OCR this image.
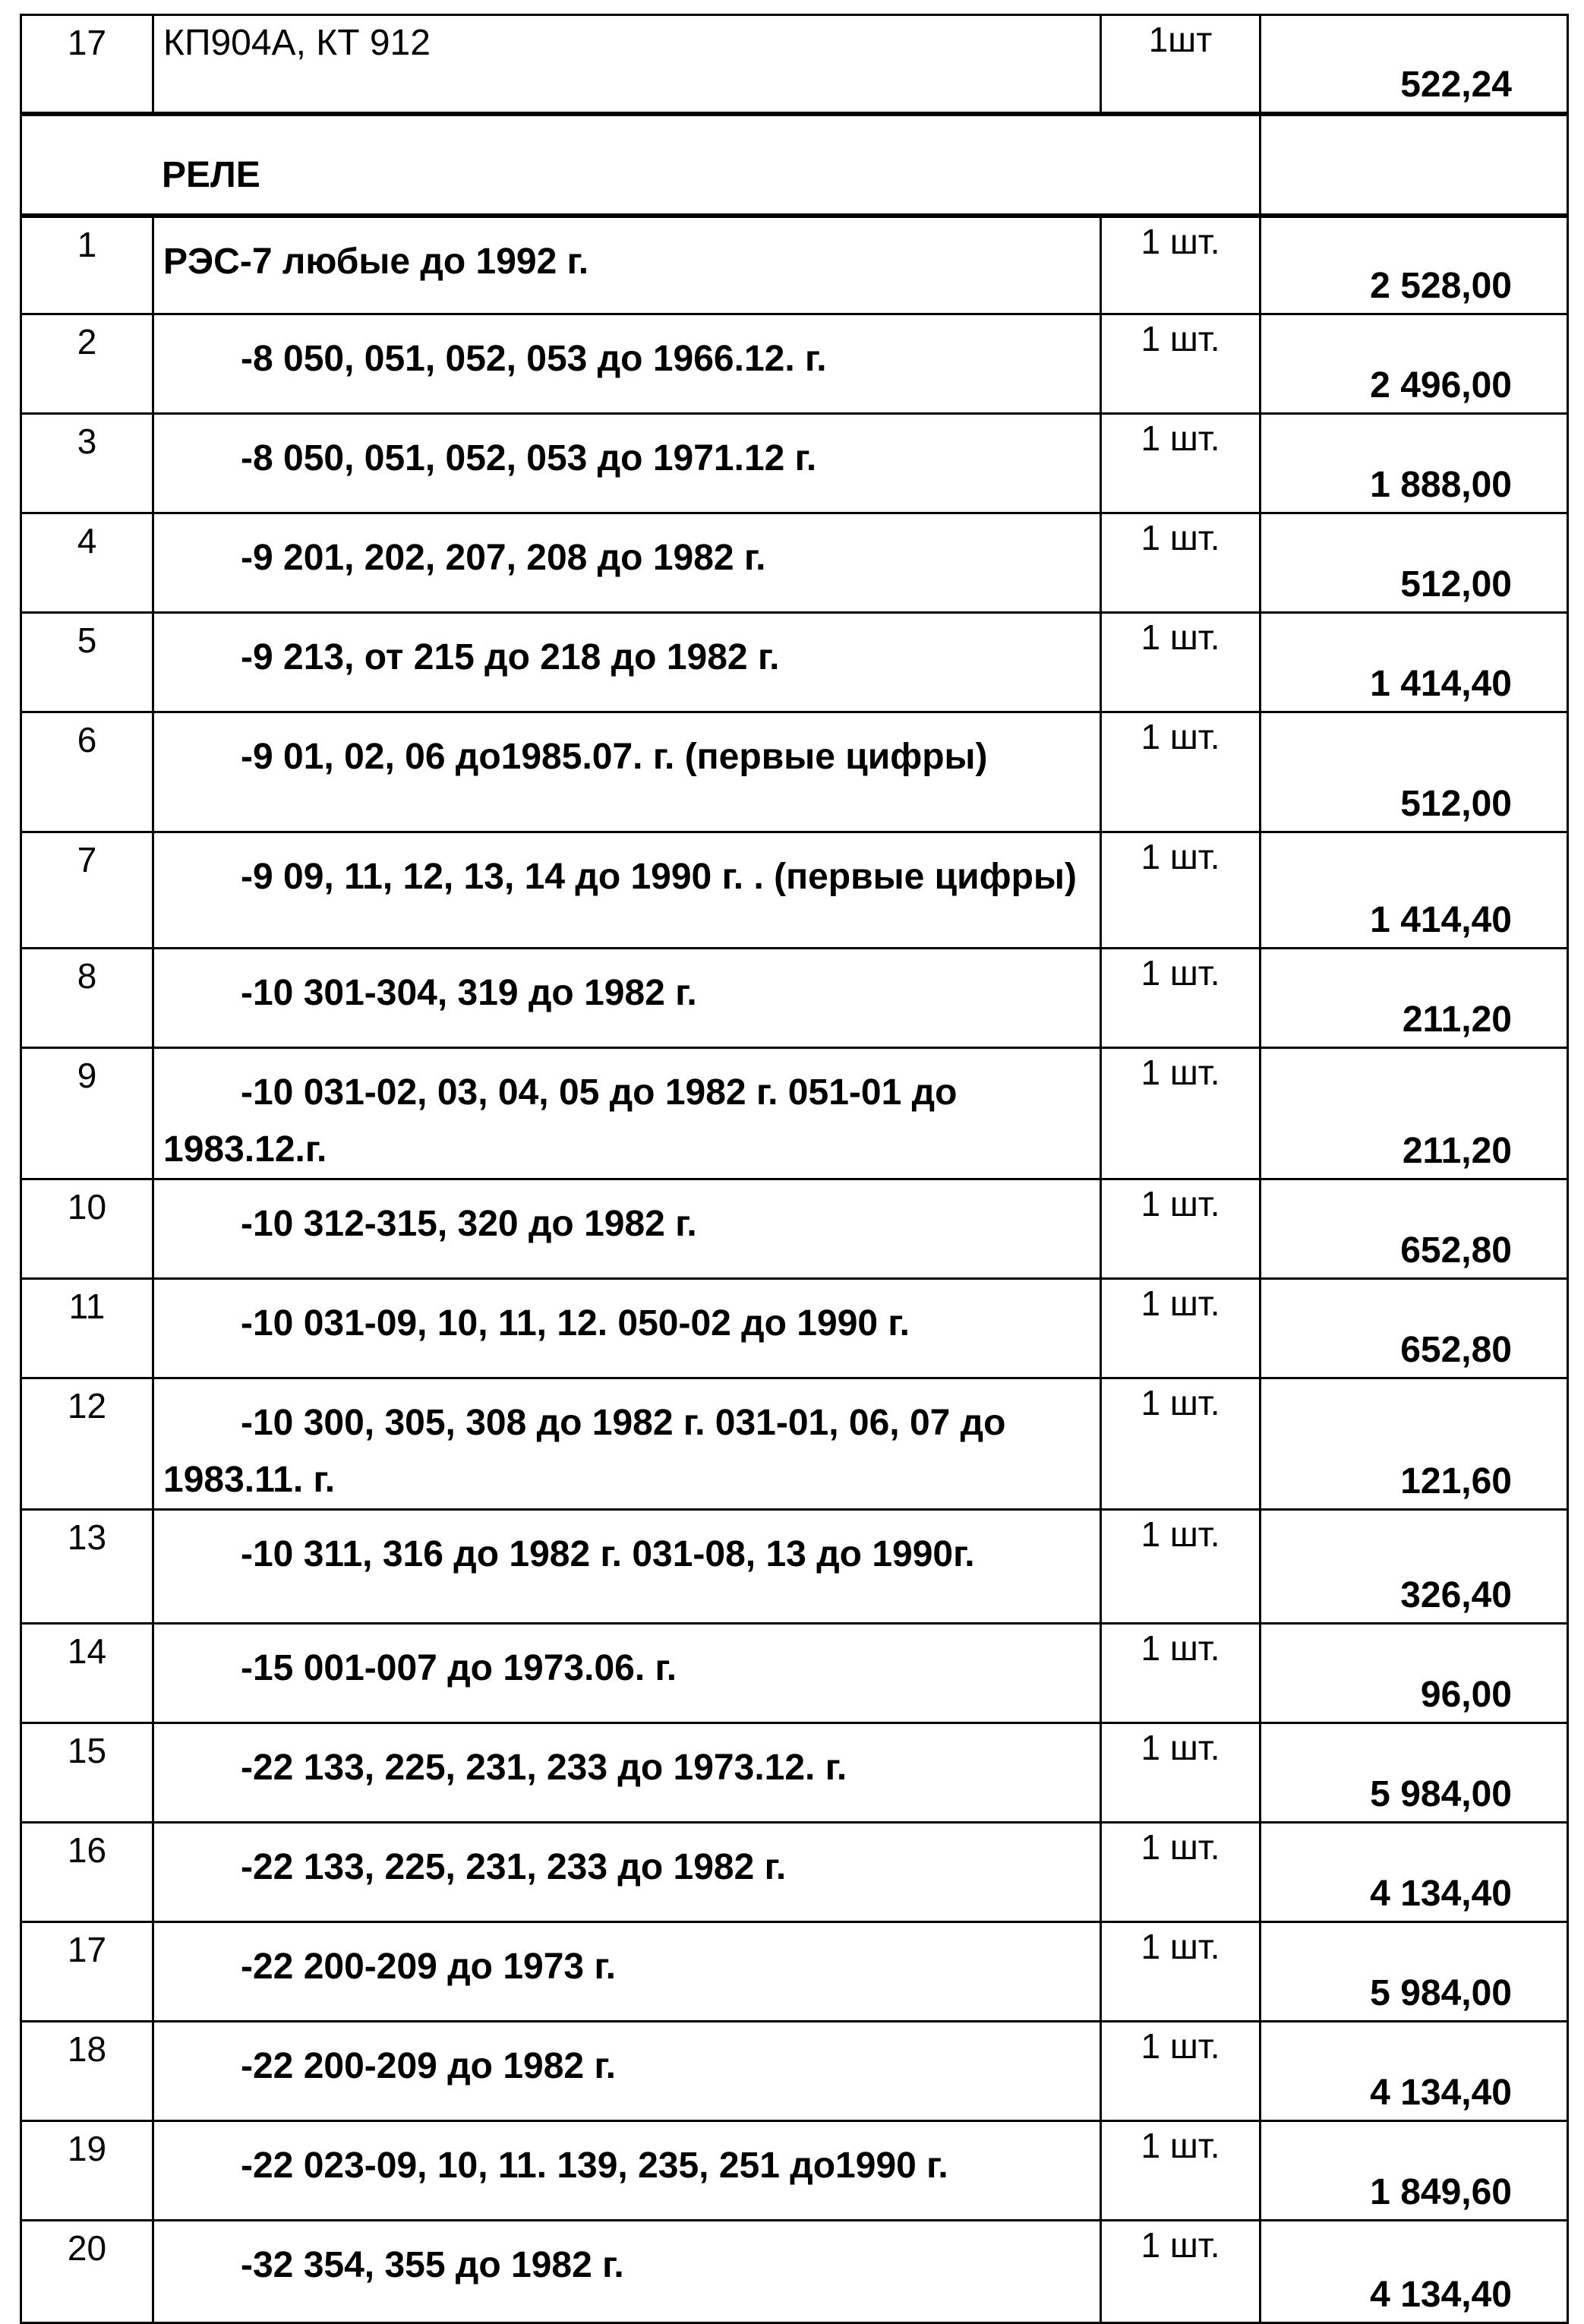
17	КП904А, КТ 912	1шт	522,24
РЕЛЕ			
1	РЭС-7 любые до 1992 г.	1 шт.	2 528,00
2	-8 050, 051, 052, 053 до 1966.12. г.	1 шт.	2 496,00
3	-8 050, 051, 052, 053 до 1971.12 г.	1 шт.	1 888,00
4	-9 201, 202, 207, 208 до 1982 г.	1 шт.	512,00
5	-9 213, от 215 до 218 до 1982 г.	1 шт.	1 414,40
6	-9 01, 02, 06 до1985.07. г. (первые цифры)	1 шт.	512,00
7	-9 09, 11, 12, 13, 14 до 1990 г. . (первые цифры)	1 шт.	1 414,40
8	-10 301-304, 319 до 1982 г.	1 шт.	211,20
9	-10 031-02, 03, 04, 05 до 1982 г. 051-01 до 1983.12.г.	1 шт.	211,20
10	-10 312-315, 320 до 1982 г.	1 шт.	652,80
11	-10 031-09, 10, 11, 12. 050-02 до 1990 г.	1 шт.	652,80
12	-10 300, 305, 308 до 1982 г. 031-01, 06, 07 до 1983.11. г.	1 шт.	121,60
13	-10 311, 316 до 1982 г. 031-08, 13 до 1990г.	1 шт.	326,40
14	-15 001-007 до 1973.06. г.	1 шт.	96,00
15	-22 133, 225, 231, 233 до 1973.12. г.	1 шт.	5 984,00
16	-22 133, 225, 231, 233 до 1982 г.	1 шт.	4 134,40
17	-22 200-209 до 1973 г.	1 шт.	5 984,00
18	-22 200-209 до 1982 г.	1 шт.	4 134,40
19	-22 023-09, 10, 11. 139, 235, 251 до1990 г.	1 шт.	1 849,60
20	-32 354, 355 до 1982 г.	1 шт.	4 134,40
